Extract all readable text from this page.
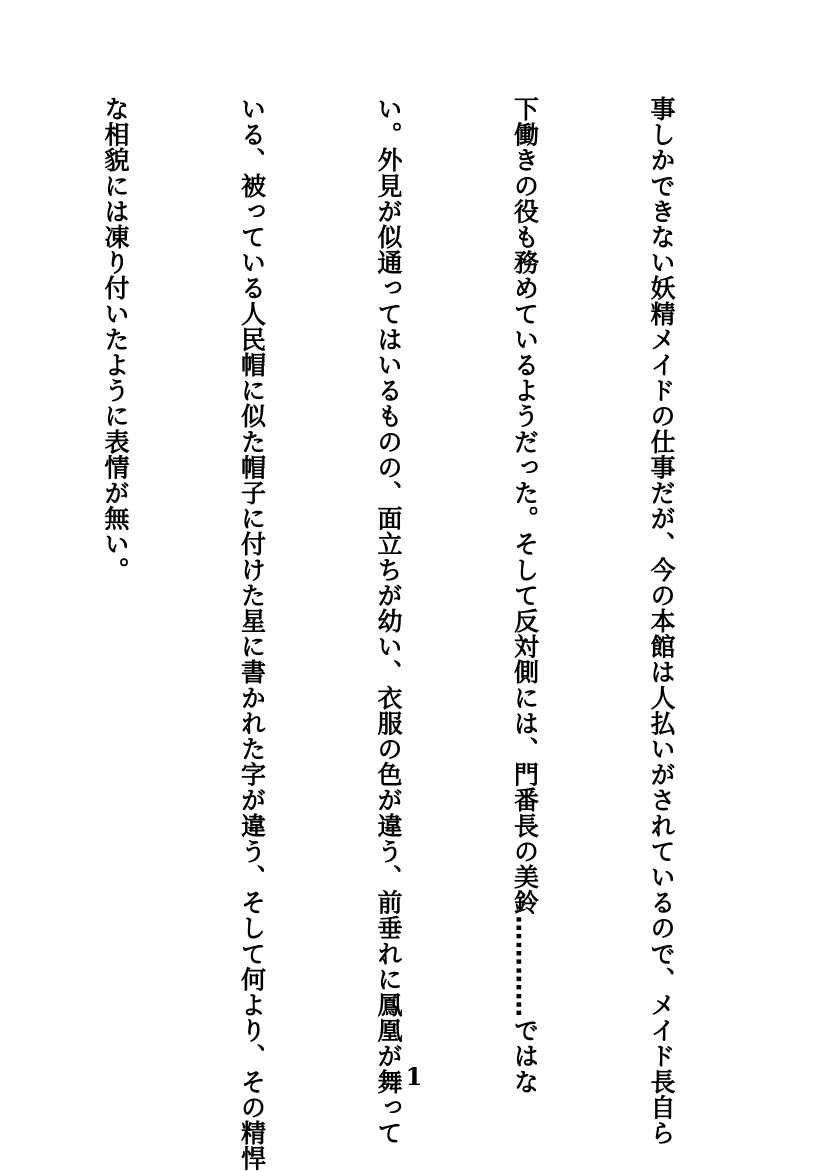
事しかできない妖精メイドの仕事だが、今の本館は人払いがされているので、メイド長自ら

下働きの役も務めているようだった。そして反対側には、門番長の美鈴…………ではな

い。外見が似通ってはいるものの、面立ちが幼い、衣服の色が違う、前垂れに鳳凰が舞って

いる、被っている人民帽に似た帽子に付けた星に書かれた字が違う、そして何より、その精悍

な相貌には凍り付いたように表情が無い。

1
